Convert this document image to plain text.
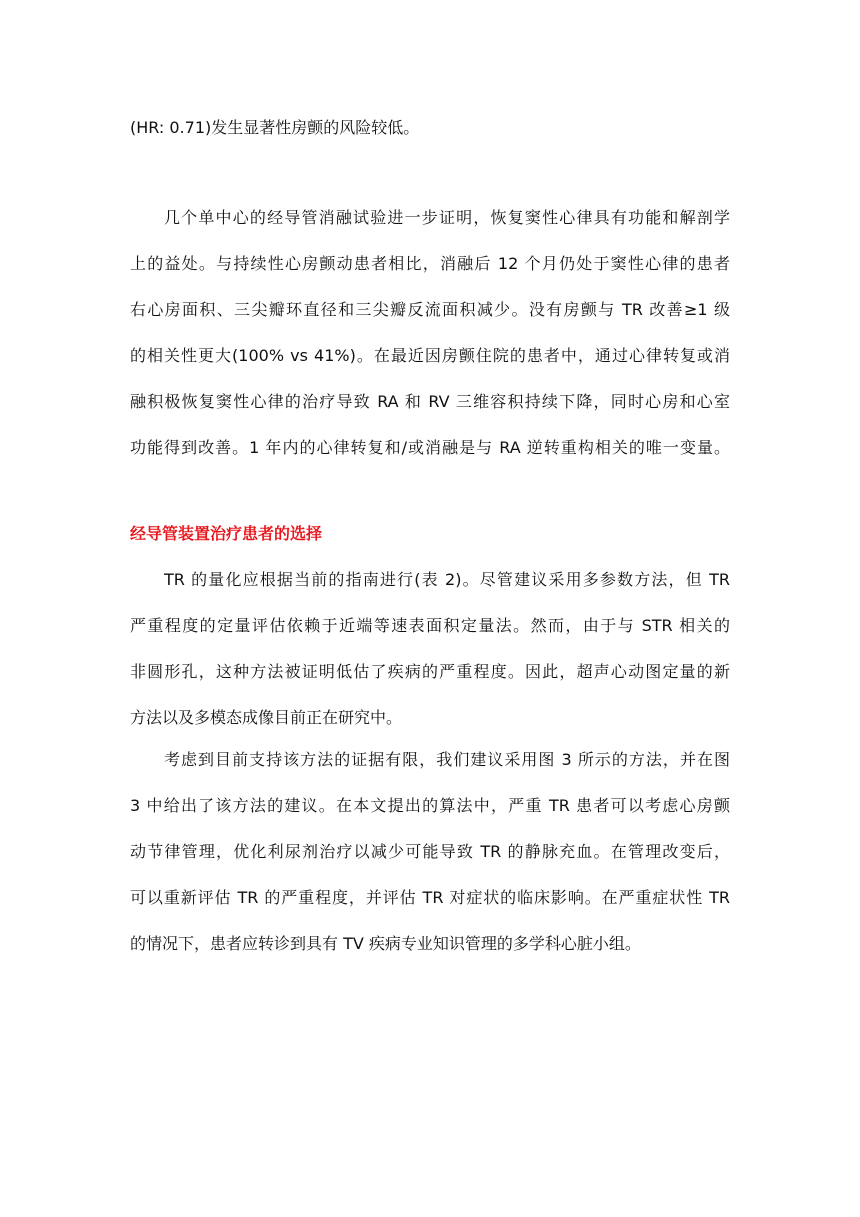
(HR: 0.71)发生显著性房颤的风险较低。
几个单中心的经导管消融试验进一步证明，恢复窦性心律具有功能和解剖学
上的益处。与持续性心房颤动患者相比，消融后 12 个月仍处于窦性心律的患者
右心房面积、三尖瓣环直径和三尖瓣反流面积减少。没有房颤与 TR 改善≥1 级
的相关性更大(100% vs 41%)。在最近因房颤住院的患者中，通过心律转复或消
融积极恢复窦性心律的治疗导致 RA 和 RV 三维容积持续下降，同时心房和心室
功能得到改善。1 年内的心律转复和/或消融是与 RA 逆转重构相关的唯一变量。
经导管装置治疗患者的选择
TR 的量化应根据当前的指南进行(表 2)。尽管建议采用多参数方法，但 TR
严重程度的定量评估依赖于近端等速表面积定量法。然而，由于与 STR 相关的
非圆形孔，这种方法被证明低估了疾病的严重程度。因此，超声心动图定量的新
方法以及多模态成像目前正在研究中。
考虑到目前支持该方法的证据有限，我们建议采用图 3 所示的方法，并在图
3 中给出了该方法的建议。在本文提出的算法中，严重 TR 患者可以考虑心房颤
动节律管理，优化利尿剂治疗以减少可能导致 TR 的静脉充血。在管理改变后，
可以重新评估 TR 的严重程度，并评估 TR 对症状的临床影响。在严重症状性 TR
的情况下，患者应转诊到具有 TV 疾病专业知识管理的多学科心脏小组。
